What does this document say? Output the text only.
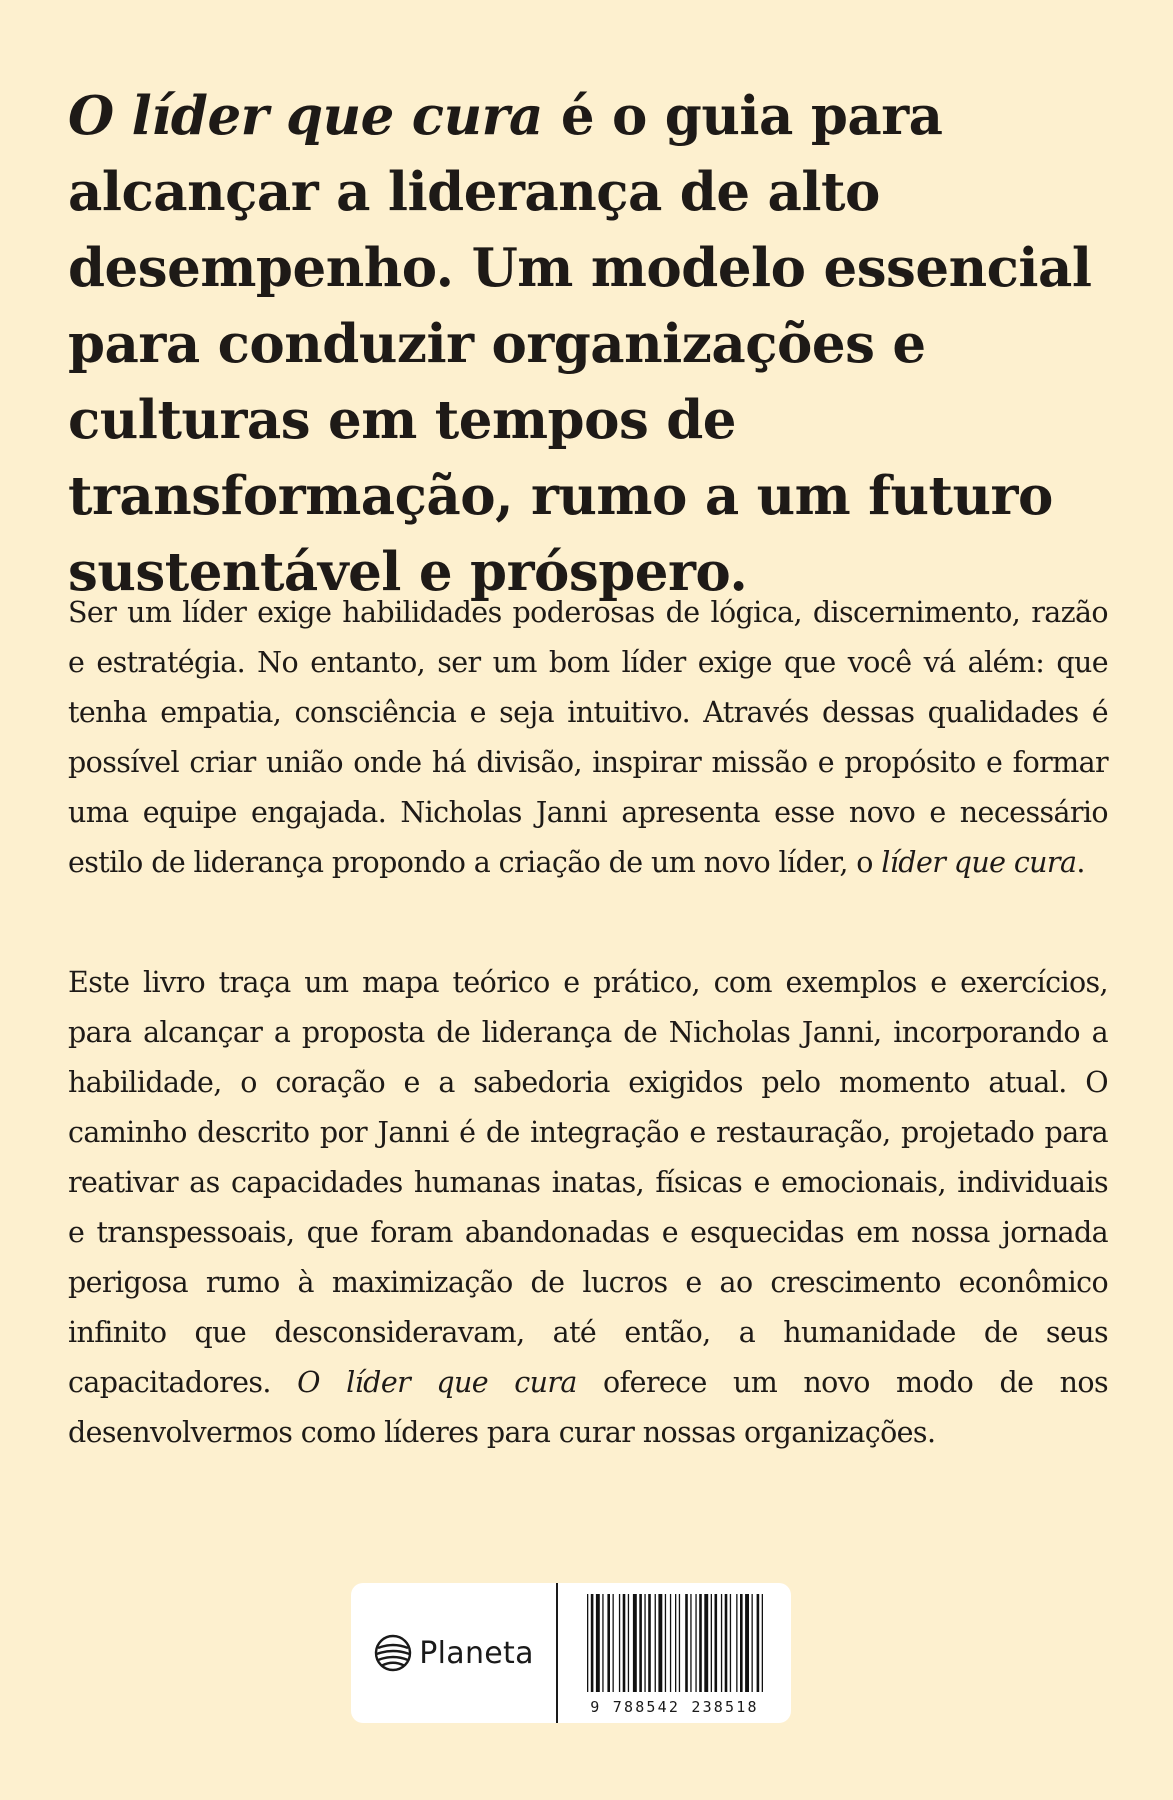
O líder que cura é o guia para alcançar a liderança de alto desempenho. Um modelo essencial para conduzir organizações e culturas em tempos de transformação, rumo a um futuro sustentável e próspero.

Ser um líder exige habilidades poderosas de lógica, discernimento, razão e estratégia. No entanto, ser um bom líder exige que você vá além: que tenha empatia, consciência e seja intuitivo. Através dessas qualidades é possível criar união onde há divisão, inspirar missão e propósito e formar uma equipe engajada. Nicholas Janni apresenta esse novo e necessário estilo de liderança propondo a criação de um novo líder, o líder que cura.

Este livro traça um mapa teórico e prático, com exemplos e exercícios, para alcançar a proposta de liderança de Nicholas Janni, incorporando a habilidade, o coração e a sabedoria exigidos pelo momento atual. O caminho descrito por Janni é de integração e restauração, projetado para reativar as capacidades humanas inatas, físicas e emocionais, individuais e transpessoais, que foram abandonadas e esquecidas em nossa jornada perigosa rumo à maximização de lucros e ao crescimento econômico infinito que desconsideravam, até então, a humanidade de seus capacitadores. O líder que cura oferece um novo modo de nos desenvolvermos como líderes para curar nossas organizações.

Planeta
9 788542 238518
